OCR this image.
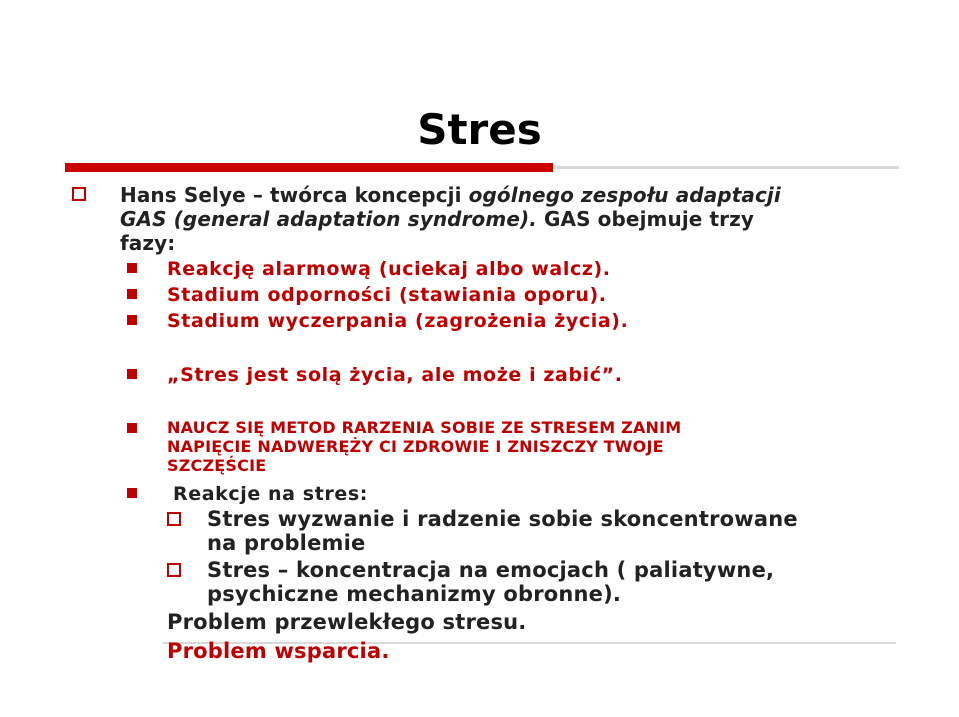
Stres
Hans Selye – twórca koncepcji ogólnego zespołu adaptacji
GAS (general adaptation syndrome). GAS obejmuje trzy
fazy:
Reakcję alarmową (uciekaj albo walcz).
Stadium odporności (stawiania oporu).
Stadium wyczerpania (zagrożenia życia).
„Stres jest solą życia, ale może i zabić”.
NAUCZ SIĘ METOD RARZENIA SOBIE ZE STRESEM ZANIM
NAPIĘCIE NADWERĘŻY CI ZDROWIE I ZNISZCZY TWOJE
SZCZĘŚCIE
Reakcje na stres:
Stres wyzwanie i radzenie sobie skoncentrowane
na problemie
Stres – koncentracja na emocjach ( paliatywne,
psychiczne mechanizmy obronne).
Problem przewlekłego stresu.
Problem wsparcia.
